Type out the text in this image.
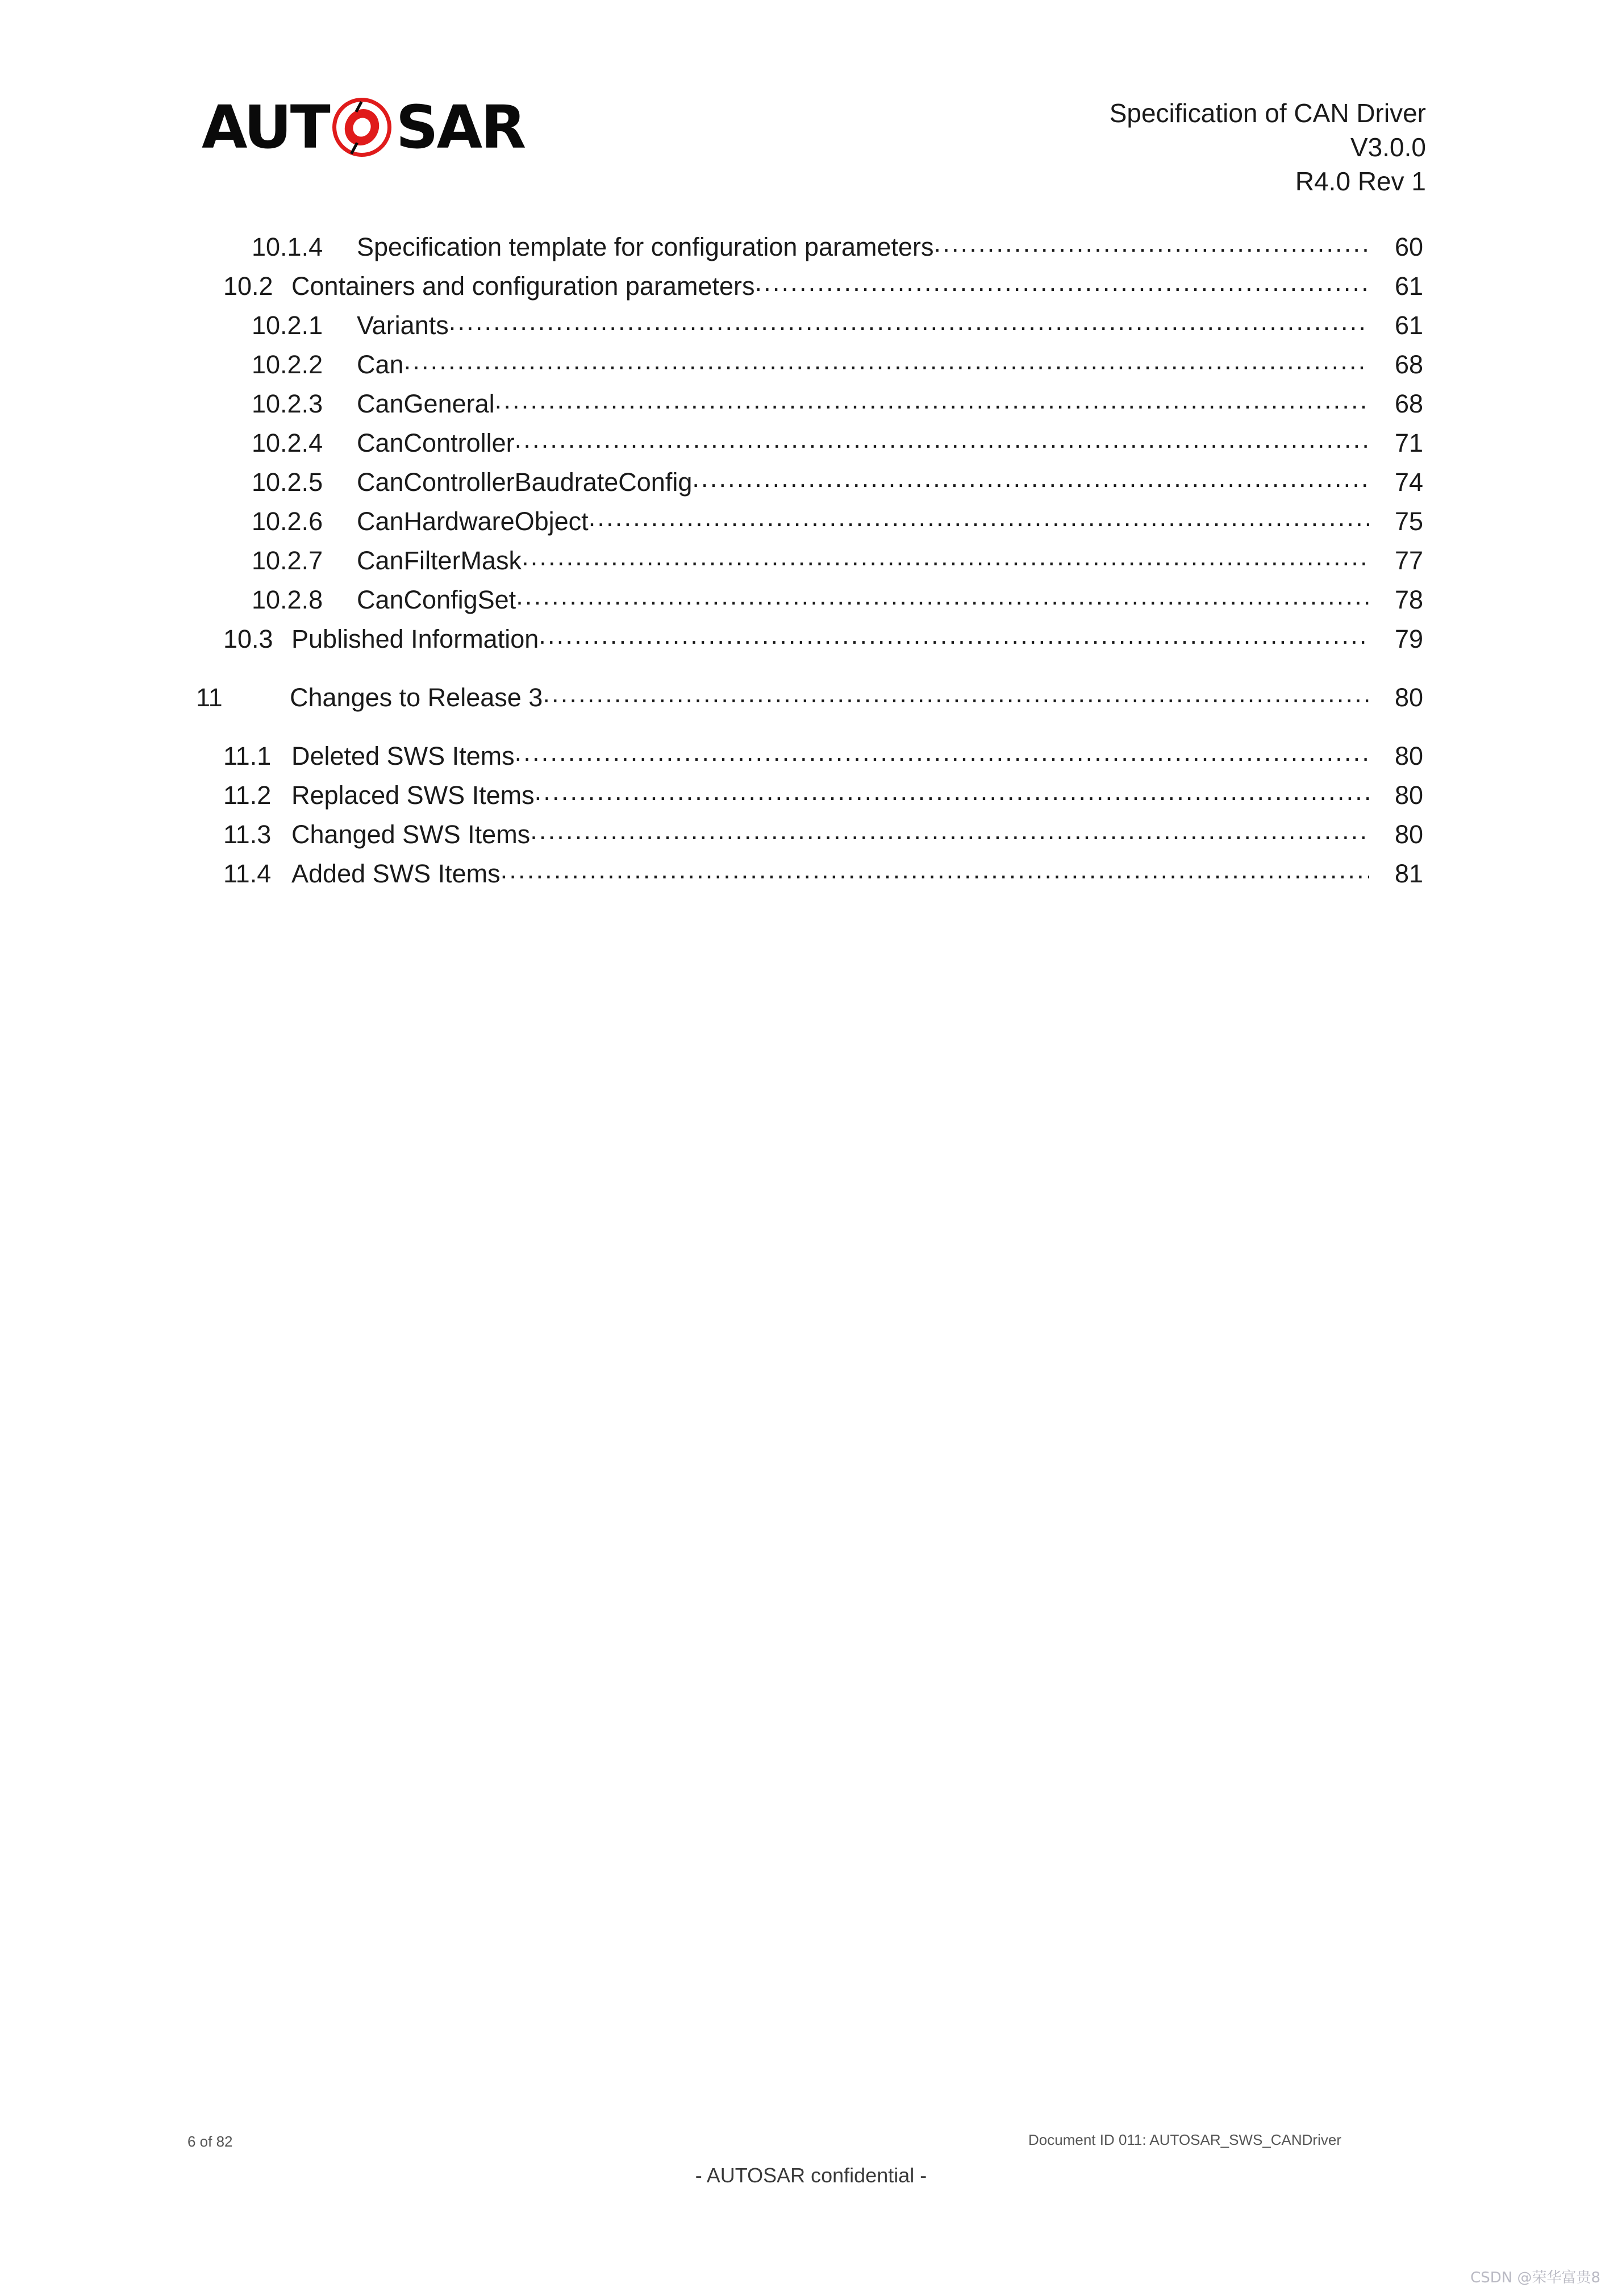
AUT SAR	Specification of CAN Driver
V3.0.0
R4.0 Rev 1
10.1.4	Specification template for configuration parameters .....	60
10.2 Containers and configuration parameters .....	61
10.2.1	Variants .....	61
10.2.2	Can .....	68
10.2.3	CanGeneral .....	68
10.2.4	CanController .....	71
10.2.5	CanControllerBaudrateConfig .....	74
10.2.6	CanHardwareObject .....	75
10.2.7	CanFilterMask .....	77
10.2.8	CanConfigSet .....	78
10.3 Published Information .....	79
11	Changes to Release 3 .....	80
11.1 Deleted SWS Items .....	80
11.2 Replaced SWS Items .....	80
11.3 Changed SWS Items .....	80
11.4 Added SWS Items .....	81
6 of 82	Document ID 011: AUTOSAR_SWS_CANDriver
- AUTOSAR confidential -
CSDN @荣华富贵8
